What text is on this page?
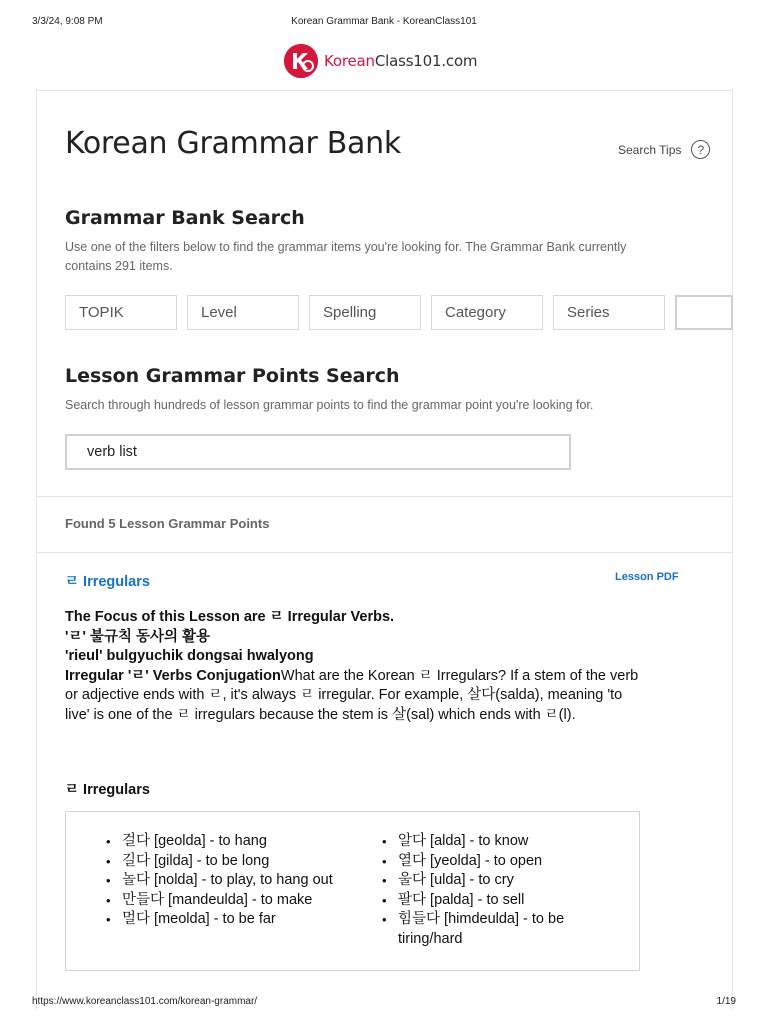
3/3/24, 9:08 PM	Korean Grammar Bank - KoreanClass101
KoreanClass101.com
Korean Grammar Bank	Search Tips	?
Grammar Bank Search

Use one of the filters below to find the grammar items you're looking for. The Grammar Bank currently contains 291 items.

TOPIK	Level	Spelling	Category	Series
Lesson Grammar Points Search

Search through hundreds of lesson grammar points to find the grammar point you're looking for.

verb list
Found 5 Lesson Grammar Points
ㄹ Irregulars	Lesson PDF
The Focus of this Lesson are ㄹ Irregular Verbs.
'ㄹ' 불규칙 동사의 활용
'rieul' bulgyuchik dongsai hwalyong
Irregular 'ㄹ' Verbs ConjugationWhat are the Korean ㄹ Irregulars? If a stem of the verb or adjective ends with ㄹ, it's always ㄹ irregular. For example, 살다(salda), meaning 'to live' is one of the ㄹ irregulars because the stem is 살(sal) which ends with ㄹ(l).
ㄹ Irregulars
• 걸다 [geolda] - to hang
• 길다 [gilda] - to be long
• 놀다 [nolda] - to play, to hang out
• 만들다 [mandeulda] - to make
• 멀다 [meolda] - to be far
• 알다 [alda] - to know
• 열다 [yeolda] - to open
• 울다 [ulda] - to cry
• 팔다 [palda] - to sell
• 힘들다 [himdeulda] - to be tiring/hard
https://www.koreanclass101.com/korean-grammar/	1/19
